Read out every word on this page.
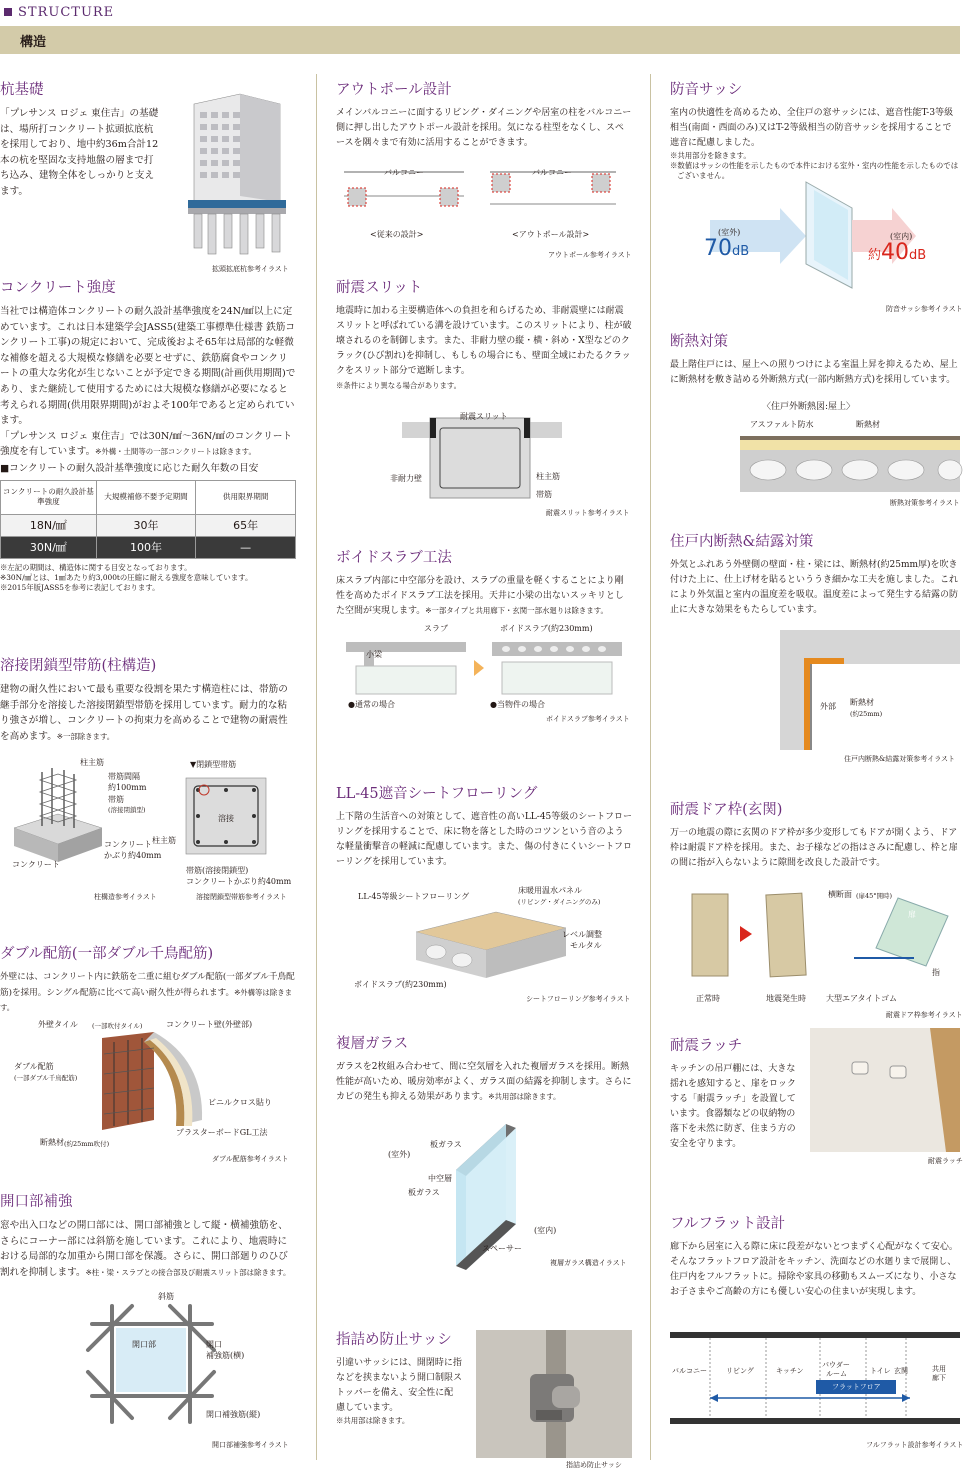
STRUCTURE
構造
杭基礎
「プレサンス ロジェ 東住吉」の基礎は、場所打コンクリート拡頭拡底杭を採用しており、地中約36m合計12本の杭を堅固な支持地盤の層まで打ち込み、建物全体をしっかりと支えます。
拡頭拡底杭参考イラスト
コンクリート強度
当社では構造体コンクリートの耐久設計基準強度を24N/㎟以上に定めています。これは日本建築学会JASS5(建築工事標準仕様書 鉄筋コンクリート工事)の規定において、完成後およそ65年は局部的な軽微な補修を超える大規模な修繕を必要とせずに、鉄筋腐食やコンクリートの重大な劣化が生じないことが予定できる期間(計画供用期間)であり、また継続して使用するためには大規模な修繕が必要になると考えられる期間(供用限界期間)がおよそ100年であると定められています。
「プレサンス ロジェ 東住吉」では30N/㎟〜36N/㎟のコンクリート強度を有しています。※外構・土間等の一部コンクリートは除きます。
■コンクリートの耐久設計基準強度に応じた耐久年数の目安
コンクリートの耐久設計基準強度	大規模補修不要予定期間	供用限界期間
18N/㎟	30年	65年
30N/㎟	100年	—
※左記の期間は、構造体に関する目安となっております。
※30N/㎟とは、1㎟あたり約3,000tの圧縮に耐える強度を意味しています。
※2015年版JASS5を参考に表記しております。
溶接閉鎖型帯筋(柱構造)
建物の耐久性において最も重要な役割を果たす構造柱には、帯筋の継手部分を溶接した溶接閉鎖型帯筋を採用しています。耐力的な粘り強さが増し、コンクリートの拘束力を高めることで建物の耐震性を高めます。※一部除きます。
柱主筋
帯筋間隔
約100mm
帯筋
(溶接閉鎖型)
コンクリート
かぶり約40mm
コンクリート
▼閉鎖型帯筋
溶接
柱主筋
帯筋(溶接閉鎖型)
コンクリートかぶり約40mm
柱構造参考イラスト	溶接閉鎖型帯筋参考イラスト
ダブル配筋(一部ダブル千鳥配筋)
外壁には、コンクリート内に鉄筋を二重に組むダブル配筋(一部ダブル千鳥配筋)を採用。シングル配筋に比べて高い耐久性が得られます。※外構等は除きます。
外壁タイル (一部吹付タイル)	コンクリート壁(外壁部)
ダブル配筋
(一部ダブル千鳥配筋)
ビニルクロス貼り
プラスターボードGL工法
断熱材 (約25mm吹付)
ダブル配筋参考イラスト
開口部補強
窓や出入口などの開口部には、開口部補強として縦・横補強筋を、さらにコーナー部には斜筋を施しています。これにより、地震時における局部的な加重から開口部を保護。さらに、開口部廻りのひび割れを抑制します。※柱・梁・スラブとの接合部及び耐震スリット部は除きます。
斜筋
開口部	開口
補強筋(横)
開口補強筋(縦)
開口部補強参考イラスト
アウトポール設計
メインバルコニーに面するリビング・ダイニングや居室の柱をバルコニー側に押し出したアウトポール設計を採用。気になる柱型をなくし、スペースを隅々まで有効に活用することができます。
バルコニー	バルコニー
<従来の設計>	<アウトポール設計>
アウトポール参考イラスト
耐震スリット
地震時に加わる主要構造体への負担を和らげるため、非耐震壁には耐震スリットと呼ばれている溝を設けています。このスリットにより、柱が破壊されるのを制御します。また、非耐力壁の縦・横・斜め・X型などのクラック(ひび割れ)を抑制し、もしもの場合にも、壁面全域にわたるクラックをスリット部分で遮断します。
※条件により異なる場合があります。
耐震スリット
非耐力壁	柱主筋
帯筋
耐震スリット参考イラスト
ボイドスラブ工法
床スラブ内部に中空部分を設け、スラブの重量を軽くすることにより剛性を高めたボイドスラブ工法を採用。天井に小梁の出ないスッキリとした空間が実現します。※一部タイプと共用廊下・玄関一部水廻りは除きます。
スラブ	ボイドスラブ(約230mm)
小梁
●通常の場合	●当物件の場合
ボイドスラブ参考イラスト
LL-45遮音シートフローリング
上下階の生活音への対策として、遮音性の高いLL-45等級のシートフローリングを採用することで、床に物を落とした時のコツンという音のような軽量衝撃音の軽減に配慮しています。また、傷の付きにくいシートフローリングを採用しています。
LL-45等級シートフローリング
床暖用温水パネル
(リビング・ダイニングのみ)
レベル調整
モルタル
ボイドスラブ(約230mm)
シートフローリング参考イラスト
複層ガラス
ガラスを2枚組み合わせて、間に空気層を入れた複層ガラスを採用。断熱性能が高いため、暖房効率がよく、ガラス面の結露を抑制します。さらにカビの発生も抑える効果があります。※共用部は除きます。
(室外)
板ガラス
中空層
板ガラス
(室内)
スペーサー
複層ガラス構造イラスト
指詰め防止サッシ
引違いサッシには、開閉時に指などを挟まないよう開口制限ストッパーを備え、安全性に配慮しています。
※共用部は除きます。
指詰め防止サッシ
防音サッシ
室内の快適性を高めるため、全住戸の窓サッシには、遮音性能T-3等級相当(南面・西面のみ)又はT-2等級相当の防音サッシを採用することで遮音に配慮しました。
※共用部分を除きます。
※数値はサッシの性能を示したもので本件における室外・室内の性能を示したものではございません。
(室外)
70dB
(室内)
約40dB
防音サッシ参考イラスト
断熱対策
最上階住戸には、屋上への照りつけによる室温上昇を抑えるため、屋上に断熱材を敷き詰める外断熱方式(一部内断熱方式)を採用しています。
〈住戸外断熱図:屋上〉
アスファルト防水	断熱材
断熱対策参考イラスト
住戸内断熱&結露対策
外気とふれあう外壁側の壁面・柱・梁には、断熱材(約25mm厚)を吹き付けた上に、仕上げ材を貼るといううき細かな工夫を施しました。これにより外気温と室内の温度差を吸収。温度差によって発生する結露の防止に大きな効果をもたらしています。
外部 断熱材
(約25mm)
住戸内断熱&結露対策参考イラスト
耐震ドア枠(玄関)
万一の地震の際に玄関のドア枠が多少変形してもドアが開くよう、ドア枠は耐震ドア枠を採用。また、お子様などの指はさみに配慮し、枠と扉の間に指が入らないように隙間を改良した設計です。
正常時	地震発生時
横断面 (扉45°開時)
扉
指
大型エアタイトゴム
耐震ドア枠参考イラスト
耐震ラッチ
キッチンの吊戸棚には、大きな揺れを感知すると、扉をロックする「耐震ラッチ」を設置しています。食器類などの収納物の落下を未然に防ぎ、住まう方の安全を守ります。
耐震ラッチ
フルフラット設計
廊下から居室に入る際に床に段差がないとつまずく心配がなくて安心。そんなフラットフロア設計をキッチン、洗面などの水廻りまで展開し、住戸内をフルフラットに。掃除や家具の移動もスムーズになり、小さなお子さまやご高齢の方にも優しい安心の住まいが実現します。
バルコニー	リビング	キッチン
パウダー
ルーム	トイレ 玄関	共用
廊下
フラットフロア
フルフラット設計参考イラスト
